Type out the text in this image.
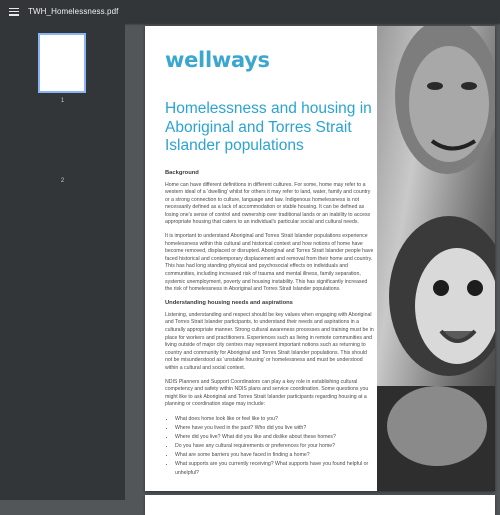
TWH_Homelessness.pdf
1
2
wellways
Homelessness and housing in Aboriginal and Torres Strait Islander populations
Background

Home can have different definitions in different cultures. For some, home may refer to a western ideal of a ‘dwelling’ whilst for others it may refer to land, water, family and country or a strong connection to culture, language and law. Indigenous homelessness is not necessarily defined as a lack of accommodation or stable housing. It can be defined as losing one's sense of control and ownership over traditional lands or an inability to access appropriate housing that caters to an individual's particular social and cultural needs.

It is important to understand Aboriginal and Torres Strait Islander populations experience homelessness within this cultural and historical context and how notions of home have become removed, displaced or disrupted. Aboriginal and Torres Strait Islander people have faced historical and contemporary displacement and removal from their home and country. This has had long standing physical and psychosocial effects on individuals and communities, including increased risk of trauma and mental illness, family separation, systemic unemployment, poverty and housing instability. This has significantly increased the risk of homelessness in Aboriginal and Torres Strait Islander populations.

Understanding housing needs and aspirations

Listening, understanding and respect should be key values when engaging with Aboriginal and Torres Strait Islander participants, to understand their needs and aspirations in a culturally appropriate manner. Strong cultural awareness processes and training must be in place for workers and practitioners. Experiences such as living in remote communities and living outside of major city centres may represent important notions such as returning to country and community for Aboriginal and Torres Strait Islander populations. This should not be misunderstood as ‘unstable housing’ or homelessness and must be understood within a cultural and social context.

NDIS Planners and Support Coordinators can play a key role in establishing cultural competency and safety within NDIS plans and service coordination. Some questions you might like to ask Aboriginal and Torres Strait Islander participants regarding housing at a planning or coordination stage may include:

• What does home look like or feel like to you?
• Where have you lived in the past? Who did you live with?
• Where did you live? What did you like and dislike about these homes?
• Do you have any cultural requirements or preferences for your home?
• What are some barriers you have faced in finding a home?
• What supports are you currently receiving? What supports have you found helpful or unhelpful?
